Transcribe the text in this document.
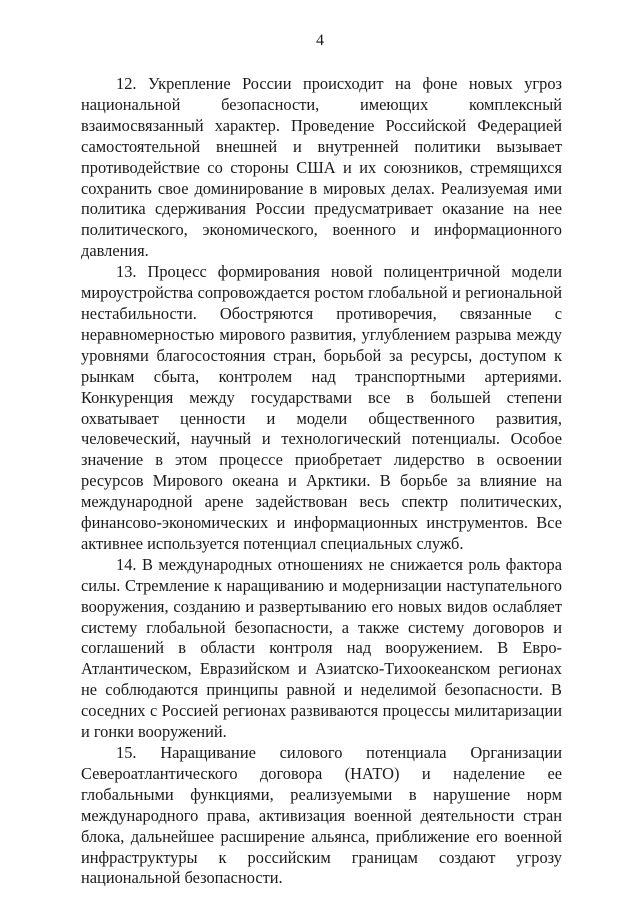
4

12. Укрепление России происходит на фоне новых угроз национальной безопасности, имеющих комплексный взаимосвязанный характер. Проведение Российской Федерацией самостоятельной внешней и внутренней политики вызывает противодействие со стороны США и их союзников, стремящихся сохранить свое доминирование в мировых делах. Реализуемая ими политика сдерживания России предусматривает оказание на нее политического, экономического, военного и информационного давления.

13. Процесс формирования новой полицентричной модели мироустройства сопровождается ростом глобальной и региональной нестабильности. Обостряются противоречия, связанные с неравномерностью мирового развития, углублением разрыва между уровнями благосостояния стран, борьбой за ресурсы, доступом к рынкам сбыта, контролем над транспортными артериями. Конкуренция между государствами все в большей степени охватывает ценности и модели общественного развития, человеческий, научный и технологический потенциалы. Особое значение в этом процессе приобретает лидерство в освоении ресурсов Мирового океана и Арктики. В борьбе за влияние на международной арене задействован весь спектр политических, финансово-экономических и информационных инструментов. Все активнее используется потенциал специальных служб.

14. В международных отношениях не снижается роль фактора силы. Стремление к наращиванию и модернизации наступательного вооружения, созданию и развертыванию его новых видов ослабляет систему глобальной безопасности, а также систему договоров и соглашений в области контроля над вооружением. В Евро-Атлантическом, Евразийском и Азиатско-Тихоокеанском регионах не соблюдаются принципы равной и неделимой безопасности. В соседних с Россией регионах развиваются процессы милитаризации и гонки вооружений.

15. Наращивание силового потенциала Организации Североатлантического договора (НАТО) и наделение ее глобальными функциями, реализуемыми в нарушение норм международного права, активизация военной деятельности стран блока, дальнейшее расширение альянса, приближение его военной инфраструктуры к российским границам создают угрозу национальной безопасности.
